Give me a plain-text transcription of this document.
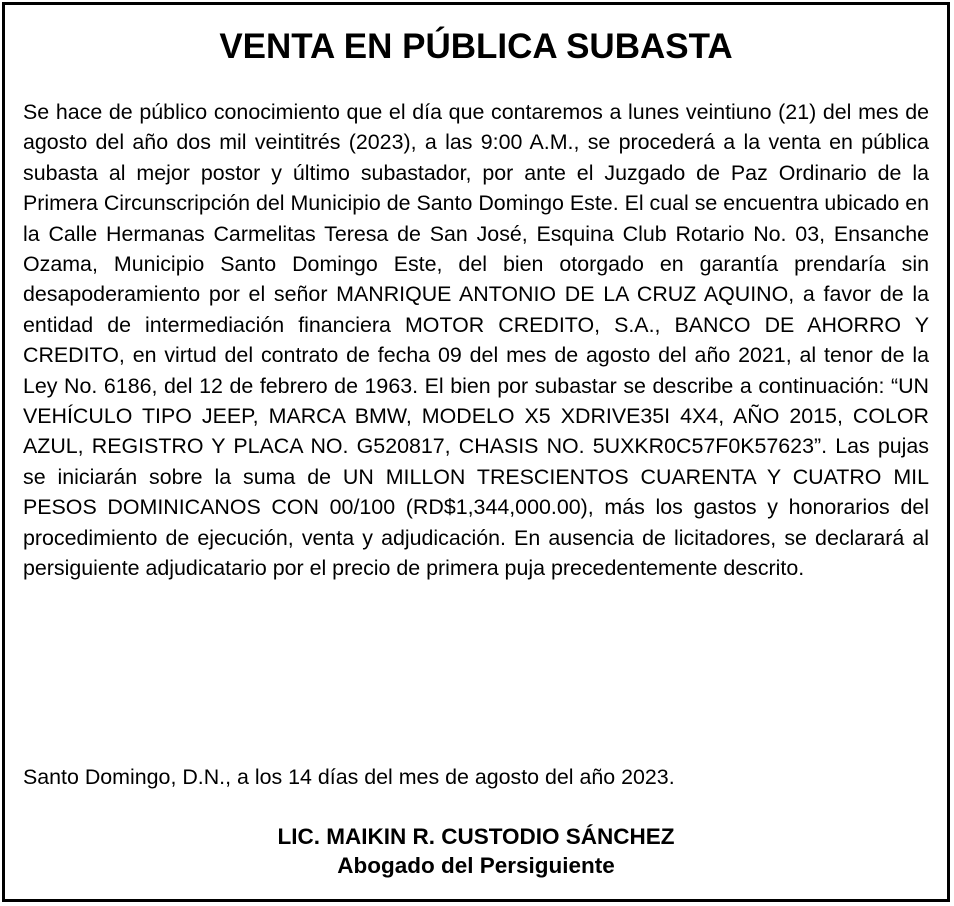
VENTA EN PÚBLICA SUBASTA

Se hace de público conocimiento que el día que contaremos a lunes veintiuno (21) del mes de agosto del año dos mil veintitrés (2023), a las 9:00 A.M., se procederá a la venta en pública subasta al mejor postor y último subastador, por ante el Juzgado de Paz Ordinario de la Primera Circunscripción del Municipio de Santo Domingo Este. El cual se encuentra ubicado en la Calle Hermanas Carmelitas Teresa de San José, Esquina Club Rotario No. 03, Ensanche Ozama, Municipio Santo Domingo Este, del bien otorgado en garantía prendaría sin desapoderamiento por el señor MANRIQUE ANTONIO DE LA CRUZ AQUINO, a favor de la entidad de intermediación financiera MOTOR CREDITO, S.A., BANCO DE AHORRO Y CREDITO, en virtud del contrato de fecha 09 del mes de agosto del año 2021, al tenor de la Ley No. 6186, del 12 de febrero de 1963. El bien por subastar se describe a continuación: “UN VEHÍCULO TIPO JEEP, MARCA BMW, MODELO X5 XDRIVE35I 4X4, AÑO 2015, COLOR AZUL, REGISTRO Y PLACA NO. G520817, CHASIS NO. 5UXKR0C57F0K57623”. Las pujas se iniciarán sobre la suma de UN MILLON TRESCIENTOS CUARENTA Y CUATRO MIL PESOS DOMINICANOS CON 00/100 (RD$1,344,000.00), más los gastos y honorarios del procedimiento de ejecución, venta y adjudicación. En ausencia de licitadores, se declarará al persiguiente adjudicatario por el precio de primera puja precedentemente descrito.

Santo Domingo, D.N., a los 14 días del mes de agosto del año 2023.

LIC. MAIKIN R. CUSTODIO SÁNCHEZ
Abogado del Persiguiente
